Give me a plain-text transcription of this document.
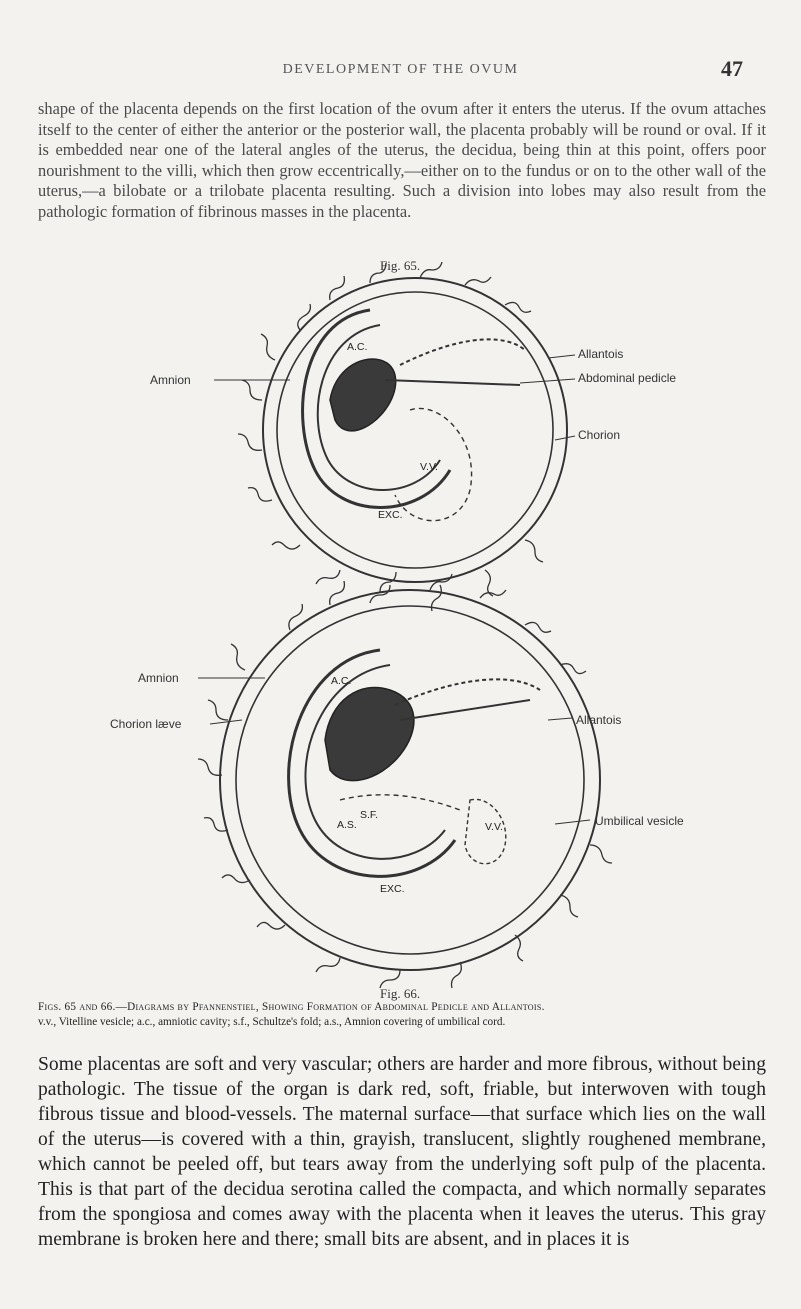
DEVELOPMENT OF THE OVUM	47
shape of the placenta depends on the first location of the ovum after it enters the uterus. If the ovum attaches itself to the center of either the anterior or the posterior wall, the placenta probably will be round or oval. If it is embedded near one of the lateral angles of the uterus, the decidua, being thin at this point, offers poor nourishment to the villi, which then grow eccentrically,—either on to the fundus or on to the other wall of the uterus,—a bilobate or a trilobate placenta resulting. Such a division into lobes may also result from the pathologic formation of fibrinous masses in the placenta.
Fig. 65.
A.C.
V.V.
EXC.
Amnion
Allantois
Abdominal pedicle
Chorion
A.C.
A.S.
S.F.
V.V.
EXC.
Amnion
Chorion læve	Allantois
Umbilical vesicle
Fig. 66.
Figs. 65 and 66.—Diagrams by Pfannenstiel, Showing Formation of Abdominal Pedicle and Allantois.
v.v., Vitelline vesicle; a.c., amniotic cavity; s.f., Schultze's fold; a.s., Amnion covering of umbilical cord.
Some placentas are soft and very vascular; others are harder and more fibrous, without being pathologic. The tissue of the organ is dark red, soft, friable, but interwoven with tough fibrous tissue and blood-vessels. The maternal surface—that surface which lies on the wall of the uterus—is covered with a thin, grayish, translucent, slightly roughened membrane, which cannot be peeled off, but tears away from the underlying soft pulp of the placenta. This is that part of the decidua serotina called the compacta, and which normally separates from the spongiosa and comes away with the placenta when it leaves the uterus. This gray membrane is broken here and there; small bits are absent, and in places it is
